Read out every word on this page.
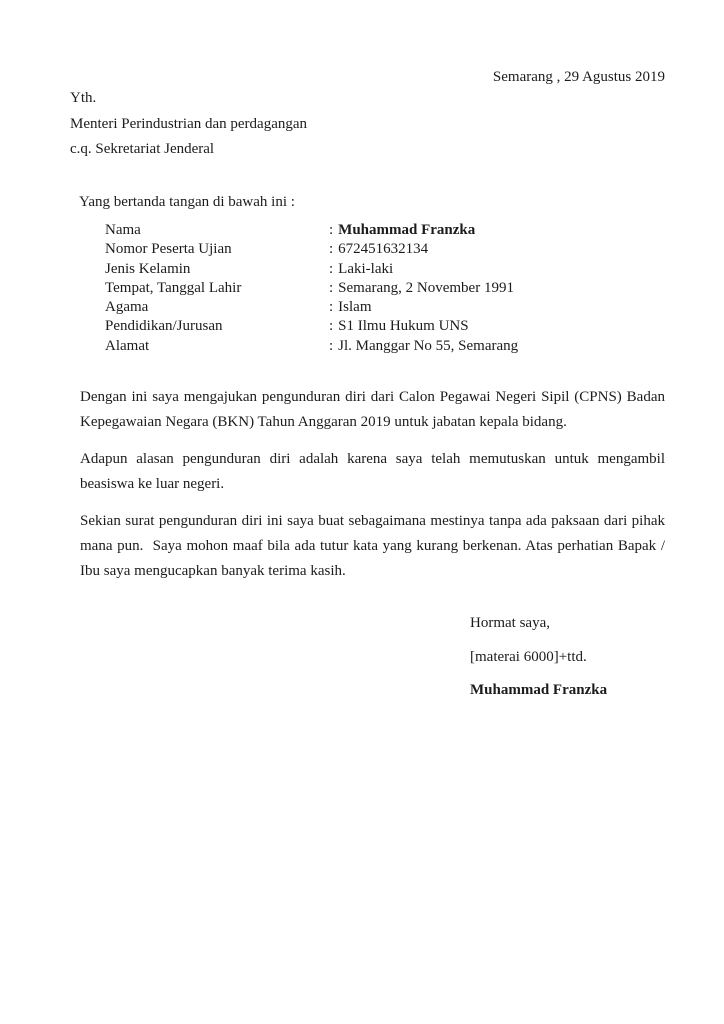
Semarang , 29 Agustus 2019
Yth.
Menteri Perindustrian dan perdagangan
c.q. Sekretariat Jenderal
Yang bertanda tangan di bawah ini :
Nama	: Muhammad Franzka
Nomor Peserta Ujian	: 672451632134
Jenis Kelamin	: Laki-laki
Tempat, Tanggal Lahir	: Semarang, 2 November 1991
Agama	: Islam
Pendidikan/Jurusan	: S1 Ilmu Hukum UNS
Alamat	: Jl. Manggar No 55, Semarang

Dengan ini saya mengajukan pengunduran diri dari Calon Pegawai Negeri Sipil (CPNS) Badan Kepegawaian Negara (BKN) Tahun Anggaran 2019 untuk jabatan kepala bidang.

Adapun alasan pengunduran diri adalah karena saya telah memutuskan untuk mengambil beasiswa ke luar negeri.

Sekian surat pengunduran diri ini saya buat sebagaimana mestinya tanpa ada paksaan dari pihak mana pun.  Saya mohon maaf bila ada tutur kata yang kurang berkenan. Atas perhatian Bapak / Ibu saya mengucapkan banyak terima kasih.

Hormat saya,
[materai 6000]+ttd.
Muhammad Franzka
